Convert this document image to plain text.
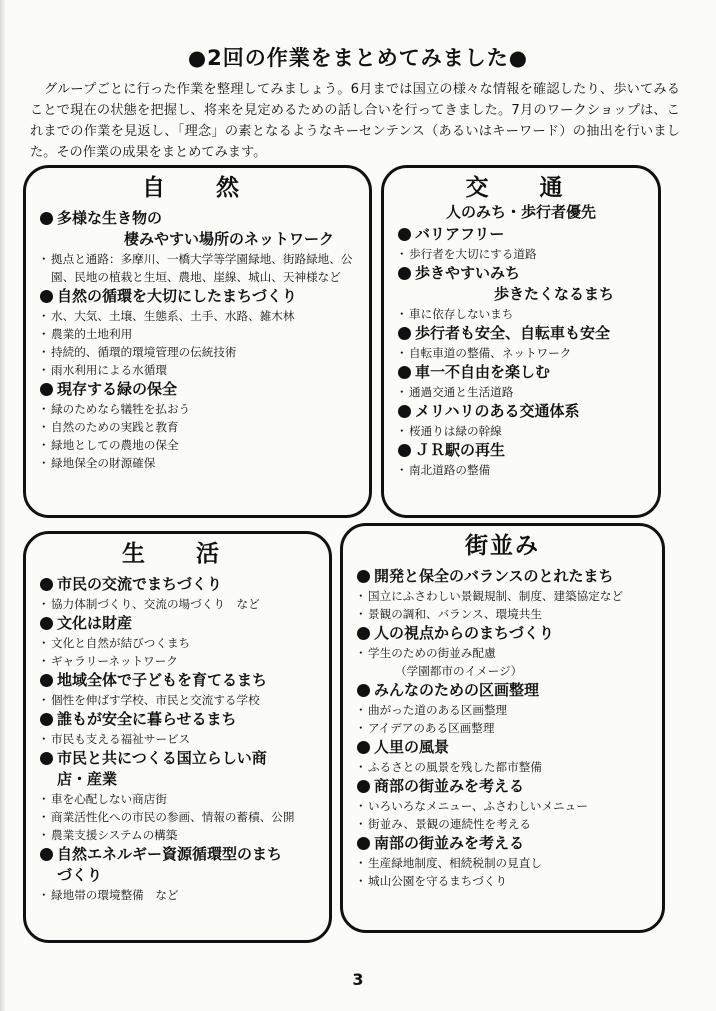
●2回の作業をまとめてみました●

グループごとに行った作業を整理してみましょう。6月までは国立の様々な情報を確認したり、歩いてみることで現在の状態を把握し、将来を見定めるための話し合いを行ってきました。7月のワークショップは、これまでの作業を見返し、「理念」の素となるようなキーセンテンス（あるいはキーワード）の抽出を行いました。その作業の成果をまとめてみます。

自　然

多様な生き物の

棲みやすい場所のネットワーク

・ 拠点と通路：多摩川、一橋大学等学園緑地、街路緑地、公園、民地の植栽と生垣、農地、崖線、城山、天神様など

自然の循環を大切にしたまちづくり

・ 水、大気、土壌、生態系、土手、水路、雑木林
・ 農業的土地利用
・ 持続的、循環的環境管理の伝統技術
・ 雨水利用による水循環

現存する緑の保全

・ 緑のためなら犠牲を払おう
・ 自然のための実践と教育
・ 緑地としての農地の保全
・ 緑地保全の財源確保
交　通
人のみち・歩行者優先

バリアフリー

・ 歩行者を大切にする道路

歩きやすいみち

歩きたくなるまち

・ 車に依存しないまち

歩行者も安全、自転車も安全

・ 自転車道の整備、ネットワーク

車一不自由を楽しむ

・ 通過交通と生活道路

メリハリのある交通体系

・ 桜通りは緑の幹線

ＪＲ駅の再生

・ 南北道路の整備
生　活

市民の交流でまちづくり

・ 協力体制づくり、交流の場づくり　など

文化は財産

・ 文化と自然が結びつくまち
・ ギャラリーネットワーク

地域全体で子どもを育てるまち

・ 個性を伸ばす学校、市民と交流する学校

誰もが安全に暮らせるまち

・ 市民も支える福祉サービス

市民と共につくる国立らしい商

店・産業

・ 車を心配しない商店街
・ 商業活性化への市民の参画、情報の蓄積、公開
・ 農業支援システムの構築

自然エネルギー資源循環型のまち

づくり

・ 緑地帯の環境整備　など
街並み

開発と保全のバランスのとれたまち

・ 国立にふさわしい景観規制、制度、建築協定など
・ 景観の調和、バランス、環境共生

人の視点からのまちづくり

・ 学生のための街並み配慮

（学園都市のイメージ）

みんなのための区画整理

・ 曲がった道のある区画整理
・ アイデアのある区画整理

人里の風景

・ ふるさとの風景を残した都市整備

商部の街並みを考える

・ いろいろなメニュー、ふさわしいメニュー
・ 街並み、景観の連続性を考える

南部の街並みを考える

・ 生産緑地制度、相続税制の見直し
・ 城山公園を守るまちづくり
3
